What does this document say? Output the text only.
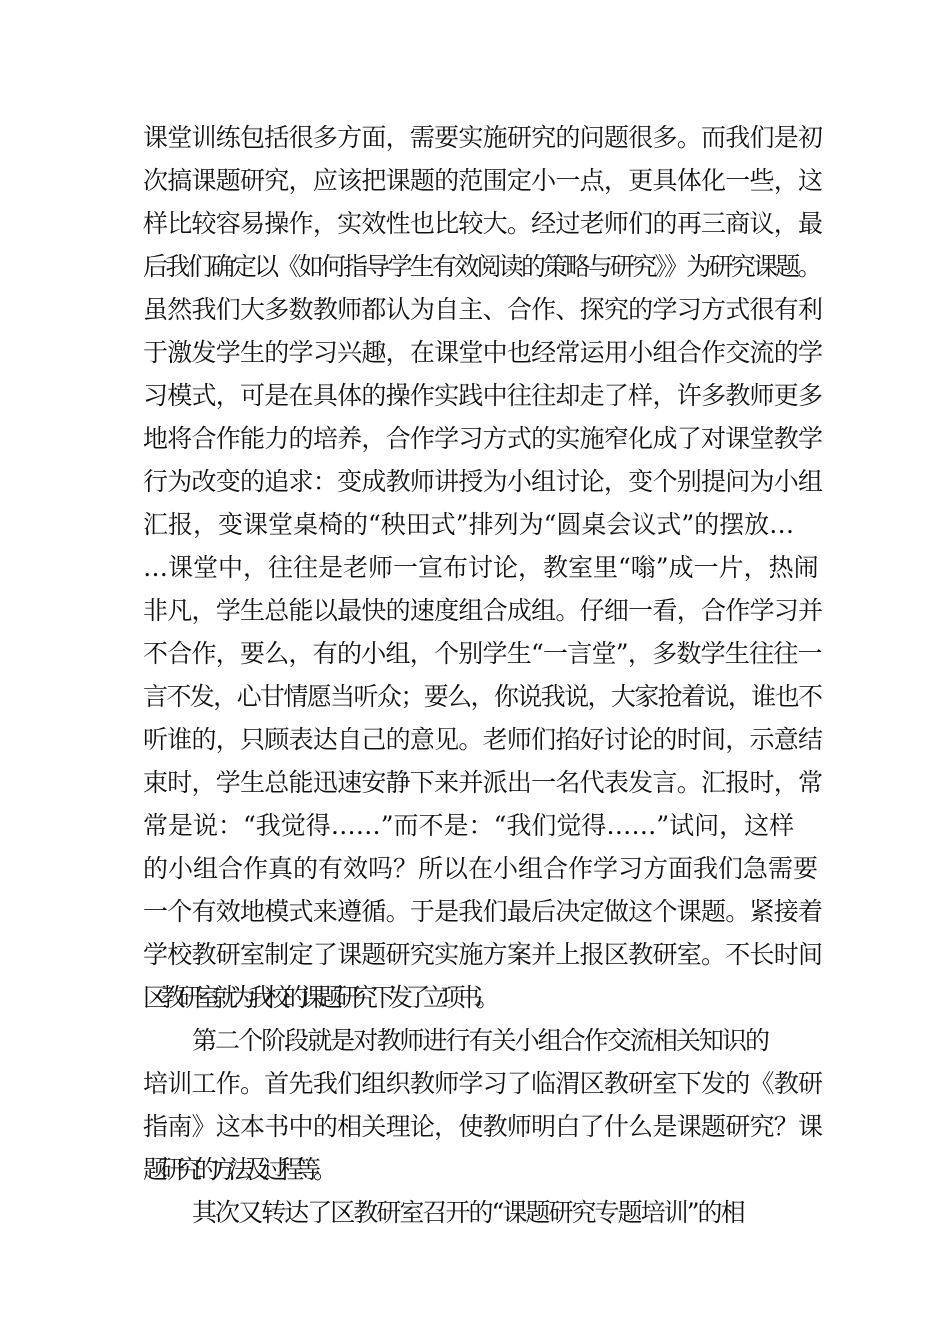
课堂训练包括很多方面，需要实施研究的问题很多。而我们是初
次搞课题研究，应该把课题的范围定小一点，更具体化一些，这
样比较容易操作，实效性也比较大。经过老师们的再三商议，最
后我们确定以《如何指导学生有效阅读的策略与研究》》为研究课题。
虽然我们大多数教师都认为自主、合作、探究的学习方式很有利
于激发学生的学习兴趣，在课堂中也经常运用小组合作交流的学
习模式，可是在具体的操作实践中往往却走了样，许多教师更多
地将合作能力的培养，合作学习方式的实施窄化成了对课堂教学
行为改变的追求：变成教师讲授为小组讨论，变个别提问为小组
汇报，变课堂桌椅的“秧田式”排列为“圆桌会议式”的摆放…
…课堂中，往往是老师一宣布讨论，教室里“嗡”成一片，热闹
非凡，学生总能以最快的速度组合成组。仔细一看，合作学习并
不合作，要么，有的小组，个别学生“一言堂”，多数学生往往一
言不发，心甘情愿当听众；要么，你说我说，大家抢着说，谁也不
听谁的，只顾表达自己的意见。老师们掐好讨论的时间，示意结
束时，学生总能迅速安静下来并派出一名代表发言。汇报时，常
常是说：“我觉得……”而不是：“我们觉得……”试问，这样
的小组合作真的有效吗？所以在小组合作学习方面我们急需要
一个有效地模式来遵循。于是我们最后决定做这个课题。紧接着
学校教研室制定了课题研究实施方案并上报区教研室。不长时间
区教研室就为我校的课题研究下发了立项书。
第二个阶段就是对教师进行有关小组合作交流相关知识的
培训工作。首先我们组织教师学习了临渭区教研室下发的《教研
指南》这本书中的相关理论，使教师明白了什么是课题研究？课
题研究的方法及过程等。
其次又转达了区教研室召开的“课题研究专题培训”的相
